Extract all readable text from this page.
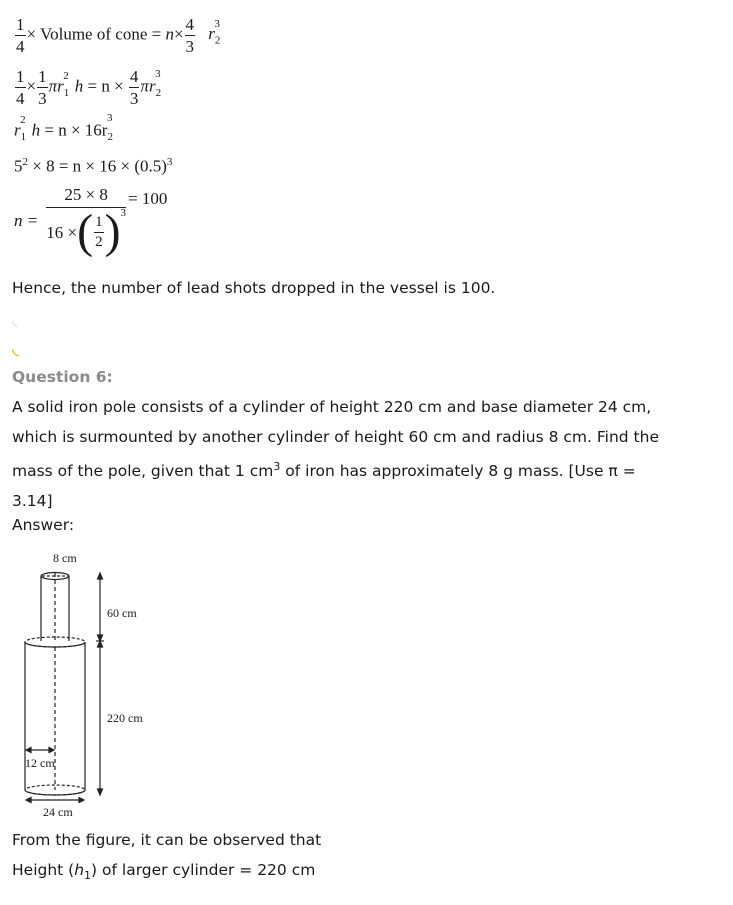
$\frac{1}{4}$ × Volume of cone = $n\times \frac{4}{3} r_2^3$
$\frac{1}{4} \times \frac{1}{3} \pi r_1^2h = n \times \frac{4}{3} \pi r_2^3$
$r_1^2h = n \times 16r_2^3$
$5^2 \times 8 = n \times 16 \times (0.5)^3$
$n = \frac{25 \times 8}{16 \times ( \frac{1}{2} )^3} = 100$
Hence, the number of lead shots dropped in the vessel is 100.
◟
◟
Question 6:
A solid iron pole consists of a cylinder of height 220 cm and base diameter 24 cm,
which is surmounted by another cylinder of height 60 cm and radius 8 cm. Find the
mass of the pole, given that 1 $cm^3$ of iron has approximately 8 g mass. [Use π =
3.14]
Answer:
8 cm
60 cm
220 cm
12 cm
24 cm
From the figure, it can be observed that
Height $(h_1)$ of larger cylinder = 220 cm
